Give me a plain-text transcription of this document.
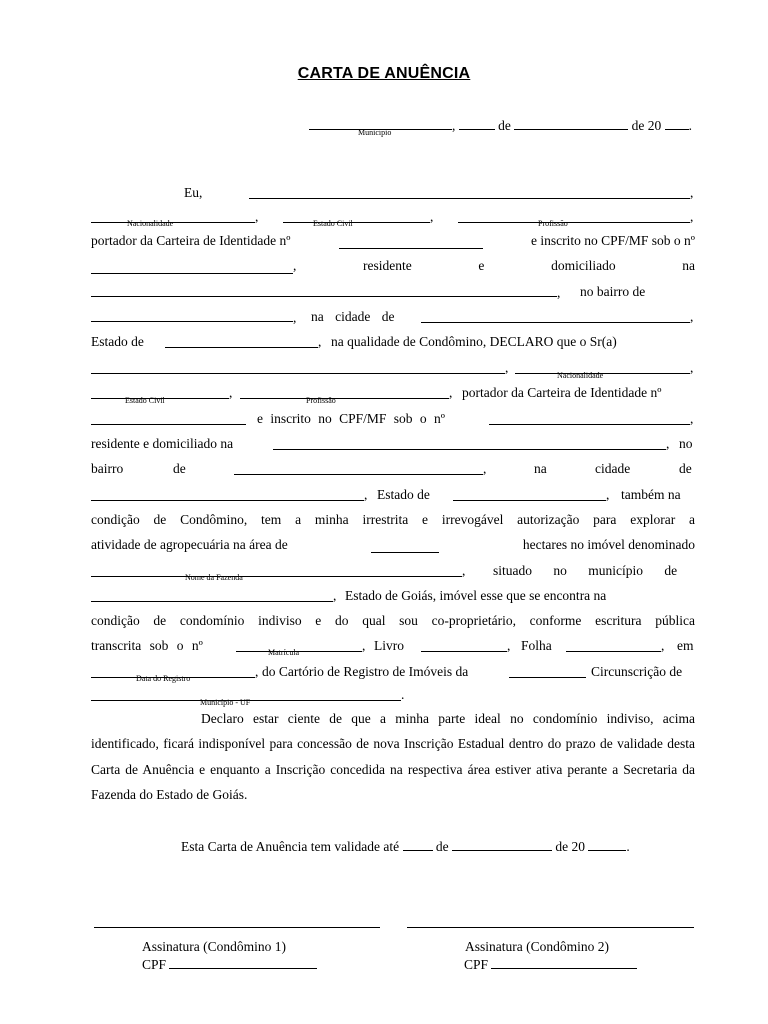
CARTA DE ANUÊNCIA
,	de	de 20 .
Município
Eu,	,
,	,	,
Nacionalidade	Estado Civil	Profissão
portador da Carteira de Identidade nº	e inscrito no CPF/MF sob o nº
,	residente	e	domiciliado	na
, no bairro de
, na cidade de	,
Estado de	, na qualidade de Condômino, DECLARO que o Sr(a)
,	,
Nacionalidade
,	, portador da Carteira de Identidade nº
Estado Civil	Profissão
e inscrito no CPF/MF sob o nº	,
residente e domiciliado na	, no
bairro	de	,	na	cidade	de
, Estado de	, também na
condição de Condômino, tem a minha irrestrita e irrevogável autorização para explorar a
atividade de agropecuária na área de	hectares no imóvel denominado
,
Nome da Fazenda	situado no município de
, Estado de Goiás, imóvel esse que se encontra na
condição de condomínio indiviso e do qual sou co-proprietário, conforme escritura pública
transcrita sob o nº	,
Matrícula	Livro	, Folha	, em
,
Data do Registro	do Cartório de Registro de Imóveis da	Circunscrição de
.
Município - UF
Declaro estar ciente de que a minha parte ideal no condomínio indiviso, acima identificado, ficará indisponível para concessão de nova Inscrição Estadual dentro do prazo de validade desta Carta de Anuência e enquanto a Inscrição concedida na respectiva área estiver ativa perante a Secretaria da Fazenda do Estado de Goiás.
Esta Carta de Anuência tem validade até	de	de 20	.
Assinatura (Condômino 1)
CPF
Assinatura (Condômino 2)
CPF
